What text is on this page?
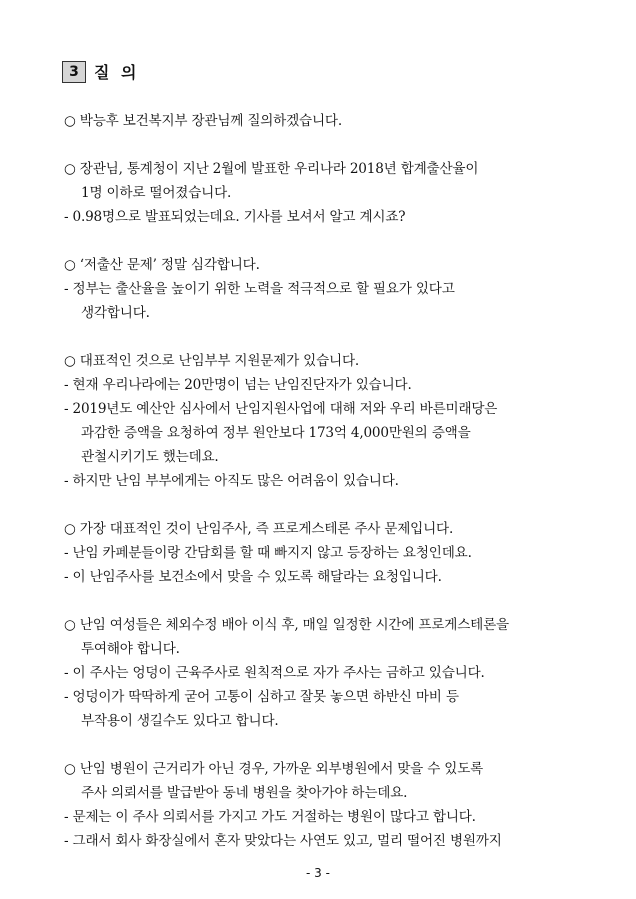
3 질 의
○ 박능후 보건복지부 장관님께 질의하겠습니다.
○ 장관님, 통계청이 지난 2월에 발표한 우리나라 2018년 합계출산율이
1명 이하로 떨어졌습니다.
- 0.98명으로 발표되었는데요. 기사를 보셔서 알고 계시죠?
○ ‘저출산 문제’ 정말 심각합니다.
- 정부는 출산율을 높이기 위한 노력을 적극적으로 할 필요가 있다고
생각합니다.
○ 대표적인 것으로 난임부부 지원문제가 있습니다.
- 현재 우리나라에는 20만명이 넘는 난임진단자가 있습니다.
- 2019년도 예산안 심사에서 난임지원사업에 대해 저와 우리 바른미래당은
과감한 증액을 요청하여 정부 원안보다 173억 4,000만원의 증액을
관철시키기도 했는데요.
- 하지만 난임 부부에게는 아직도 많은 어려움이 있습니다.
○ 가장 대표적인 것이 난임주사, 즉 프로게스테론 주사 문제입니다.
- 난임 카페분들이랑 간담회를 할 때 빠지지 않고 등장하는 요청인데요.
- 이 난임주사를 보건소에서 맞을 수 있도록 해달라는 요청입니다.
○ 난임 여성들은 체외수정 배아 이식 후, 매일 일정한 시간에 프로게스테론을
투여해야 합니다.
- 이 주사는 엉덩이 근육주사로 원칙적으로 자가 주사는 금하고 있습니다.
- 엉덩이가 딱딱하게 굳어 고통이 심하고 잘못 놓으면 하반신 마비 등
부작용이 생길수도 있다고 합니다.
○ 난임 병원이 근거리가 아닌 경우, 가까운 외부병원에서 맞을 수 있도록
주사 의뢰서를 발급받아 동네 병원을 찾아가야 하는데요.
- 문제는 이 주사 의뢰서를 가지고 가도 거절하는 병원이 많다고 합니다.
- 그래서 회사 화장실에서 혼자 맞았다는 사연도 있고, 멀리 떨어진 병원까지
- 3 -
